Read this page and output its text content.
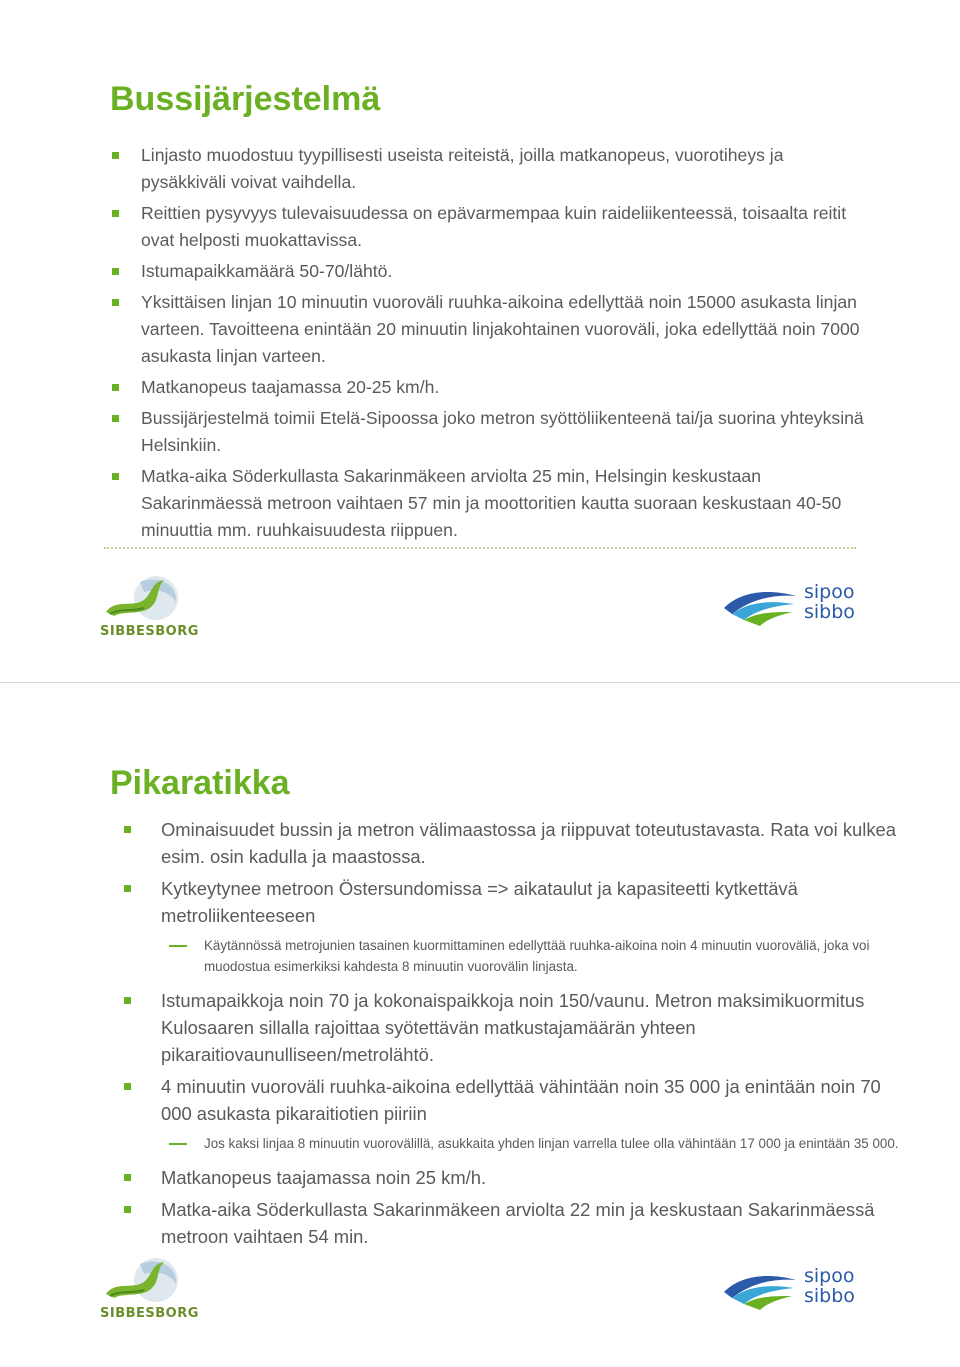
Bussijärjestelmä
Linjasto muodostuu tyypillisesti useista reiteistä, joilla matkanopeus, vuorotiheys ja pysäkkiväli voivat vaihdella.
Reittien pysyvyys tulevaisuudessa on epävarmempaa kuin raideliikenteessä, toisaalta reitit ovat helposti muokattavissa.
Istumapaikkamäärä 50-70/lähtö.
Yksittäisen linjan 10 minuutin vuoroväli ruuhka-aikoina edellyttää noin 15000 asukasta linjan varteen. Tavoitteena enintään 20 minuutin linjakohtainen vuoroväli, joka edellyttää noin 7000 asukasta linjan varteen.
Matkanopeus taajamassa 20-25 km/h.
Bussijärjestelmä toimii Etelä-Sipoossa joko metron syöttöliikenteenä tai/ja suorina yhteyksinä Helsinkiin.
Matka-aika Söderkullasta Sakarinmäkeen arviolta 25 min, Helsingin keskustaan Sakarinmäessä metroon vaihtaen 57 min ja moottoritien kautta suoraan keskustaan 40-50 minuuttia mm. ruuhkaisuudesta riippuen.
SIBBESBORG
sipoo
sibbo
Pikaratikka
Ominaisuudet bussin ja metron välimaastossa ja riippuvat toteutustavasta. Rata voi kulkea esim. osin kadulla ja maastossa.
Kytkeytynee metroon Östersundomissa => aikataulut ja kapasiteetti kytkettävä metroliikenteeseen
Käytännössä metrojunien tasainen kuormittaminen edellyttää ruuhka-aikoina noin 4 minuutin vuoroväliä, joka voi muodostua esimerkiksi kahdesta 8 minuutin vuorovälin linjasta.
Istumapaikkoja noin 70 ja kokonaispaikkoja noin 150/vaunu. Metron maksimikuormitus Kulosaaren sillalla rajoittaa syötettävän matkustajamäärän yhteen pikaraitiovaunulliseen/metrolähtö.
4 minuutin vuoroväli ruuhka-aikoina edellyttää vähintään noin 35 000 ja enintään noin 70 000 asukasta pikaraitiotien piiriin
Jos kaksi linjaa 8 minuutin vuorovälillä, asukkaita yhden linjan varrella tulee olla vähintään 17 000 ja enintään 35 000.
Matkanopeus taajamassa noin 25 km/h.
Matka-aika Söderkullasta Sakarinmäkeen arviolta 22 min ja keskustaan Sakarinmäessä metroon vaihtaen 54 min.
SIBBESBORG
sipoo
sibbo
